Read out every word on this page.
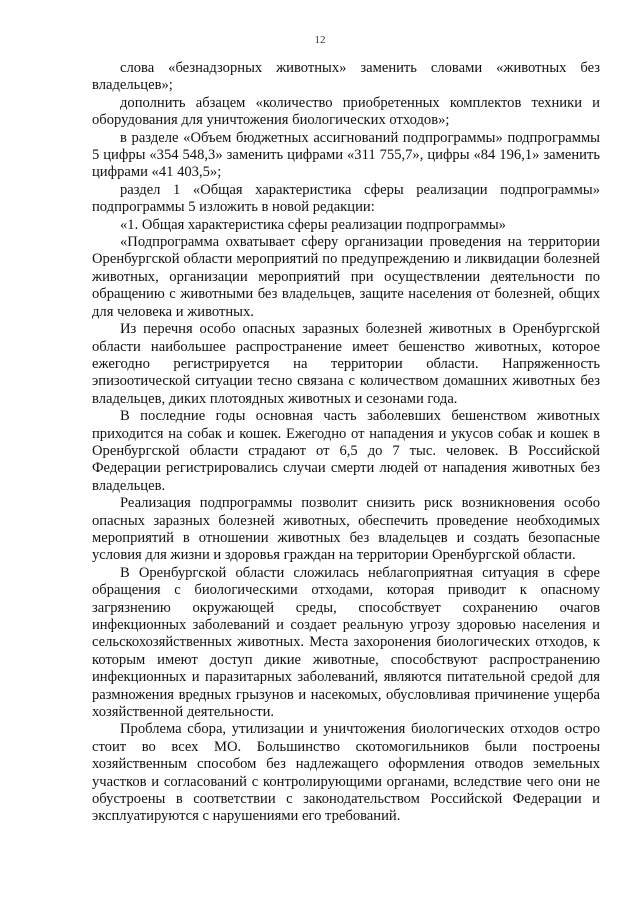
12

слова «безнадзорных животных» заменить словами «животных без владельцев»;

дополнить абзацем «количество приобретенных комплектов техники и оборудования для уничтожения биологических отходов»;

в разделе «Объем бюджетных ассигнований подпрограммы» подпрограммы 5 цифры «354 548,3» заменить цифрами «311 755,7», цифры «84 196,1» заменить цифрами «41 403,5»;

раздел 1 «Общая характеристика сферы реализации подпрограммы» подпрограммы 5 изложить в новой редакции:

«1. Общая характеристика сферы реализации подпрограммы»

«Подпрограмма охватывает сферу организации проведения на территории Оренбургской области мероприятий по предупреждению и ликвидации болезней животных, организации мероприятий при осуществлении деятельности по обращению с животными без владельцев, защите населения от болезней, общих для человека и животных.

Из перечня особо опасных заразных болезней животных в Оренбургской области наибольшее распространение имеет бешенство животных, которое ежегодно регистрируется на территории области. Напряженность эпизоотической ситуации тесно связана с количеством домашних животных без владельцев, диких плотоядных животных и сезонами года.

В последние годы основная часть заболевших бешенством животных приходится на собак и кошек. Ежегодно от нападения и укусов собак и кошек в Оренбургской области страдают от 6,5 до 7 тыс. человек. В Российской Федерации регистрировались случаи смерти людей от нападения животных без владельцев.

Реализация подпрограммы позволит снизить риск возникновения особо опасных заразных болезней животных, обеспечить проведение необходимых мероприятий в отношении животных без владельцев и создать безопасные условия для жизни и здоровья граждан на территории Оренбургской области.

В Оренбургской области сложилась неблагоприятная ситуация в сфере обращения с биологическими отходами, которая приводит к опасному загрязнению окружающей среды, способствует сохранению очагов инфекционных заболеваний и создает реальную угрозу здоровью населения и сельскохозяйственных животных. Места захоронения биологических отходов, к которым имеют доступ дикие животные, способствуют распространению инфекционных и паразитарных заболеваний, являются питательной средой для размножения вредных грызунов и насекомых, обусловливая причинение ущерба хозяйственной деятельности.

Проблема сбора, утилизации и уничтожения биологических отходов остро стоит во всех МО. Большинство скотомогильников были построены хозяйственным способом без надлежащего оформления отводов земельных участков и согласований с контролирующими органами, вследствие чего они не обустроены в соответствии с законодательством Российской Федерации и эксплуатируются с нарушениями его требований.
